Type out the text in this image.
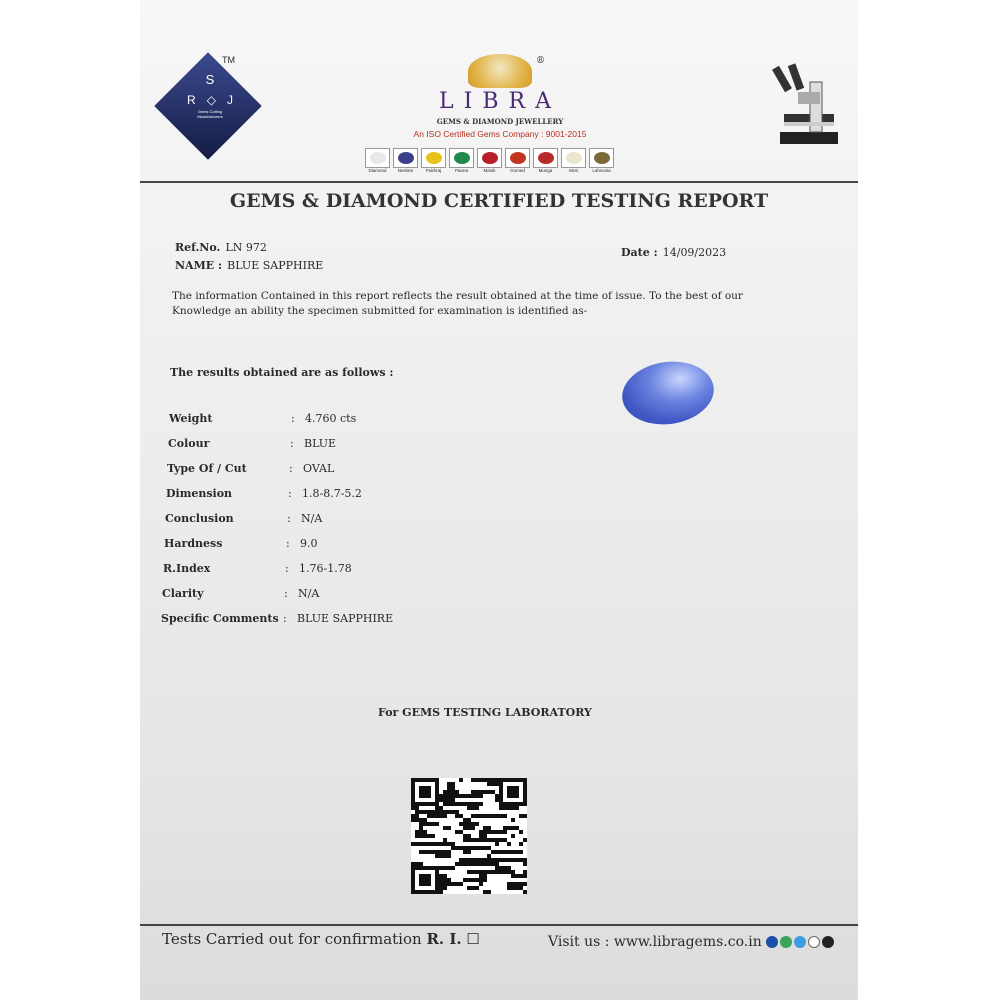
S
R ◇ J
Gems Cutting Manufacturers
TM	®
LIBRA
GEMS & DIAMOND JEWELLERY
An ISO Certified Gems Company : 9001-2015
Diamond	Neelam	Pukhraj	Panna	Manik	Gomed	Munga	Moti	Lahsunia
GEMS & DIAMOND CERTIFIED TESTING REPORT
Ref.No. LN 972
NAME : BLUE SAPPHIRE
Date : 14/09/2023
The information Contained in this report reflects the result obtained at the time of issue. To the best of our Knowledge an ability the specimen submitted for examination is identified as-
The results obtained are as follows :
Weight	: 4.760 cts
Colour	: BLUE
Type Of / Cut	: OVAL
Dimension	: 1.8-8.7-5.2
Conclusion	: N/A
Hardness	: 9.0
R.Index	: 1.76-1.78
Clarity	: N/A
Specific Comments : BLUE SAPPHIRE
For GEMS TESTING LABORATORY
Tests Carried out for confirmation R. I. ☐	Visit us : www.libragems.co.in
